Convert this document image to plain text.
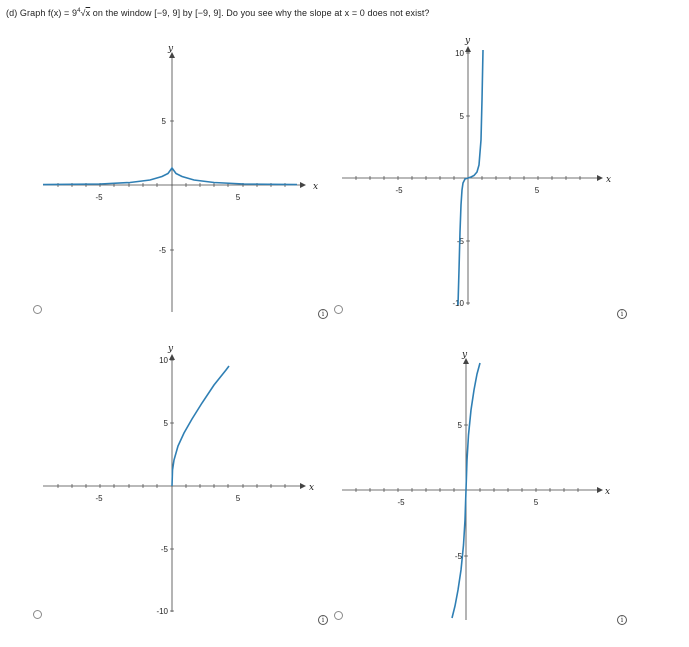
(d) Graph $f(x) = 9^4√x$ on the window [−9, 9] by [−9, 9]. Do you see why the slope at x = 0 does not exist?
-5	5
5
-5
x
y
-5	5
10
5
-5
-10
x
y
-5	5
10
5
-5
-10
x
y
-5	5
5
-5
x
y
i	i
i	i
